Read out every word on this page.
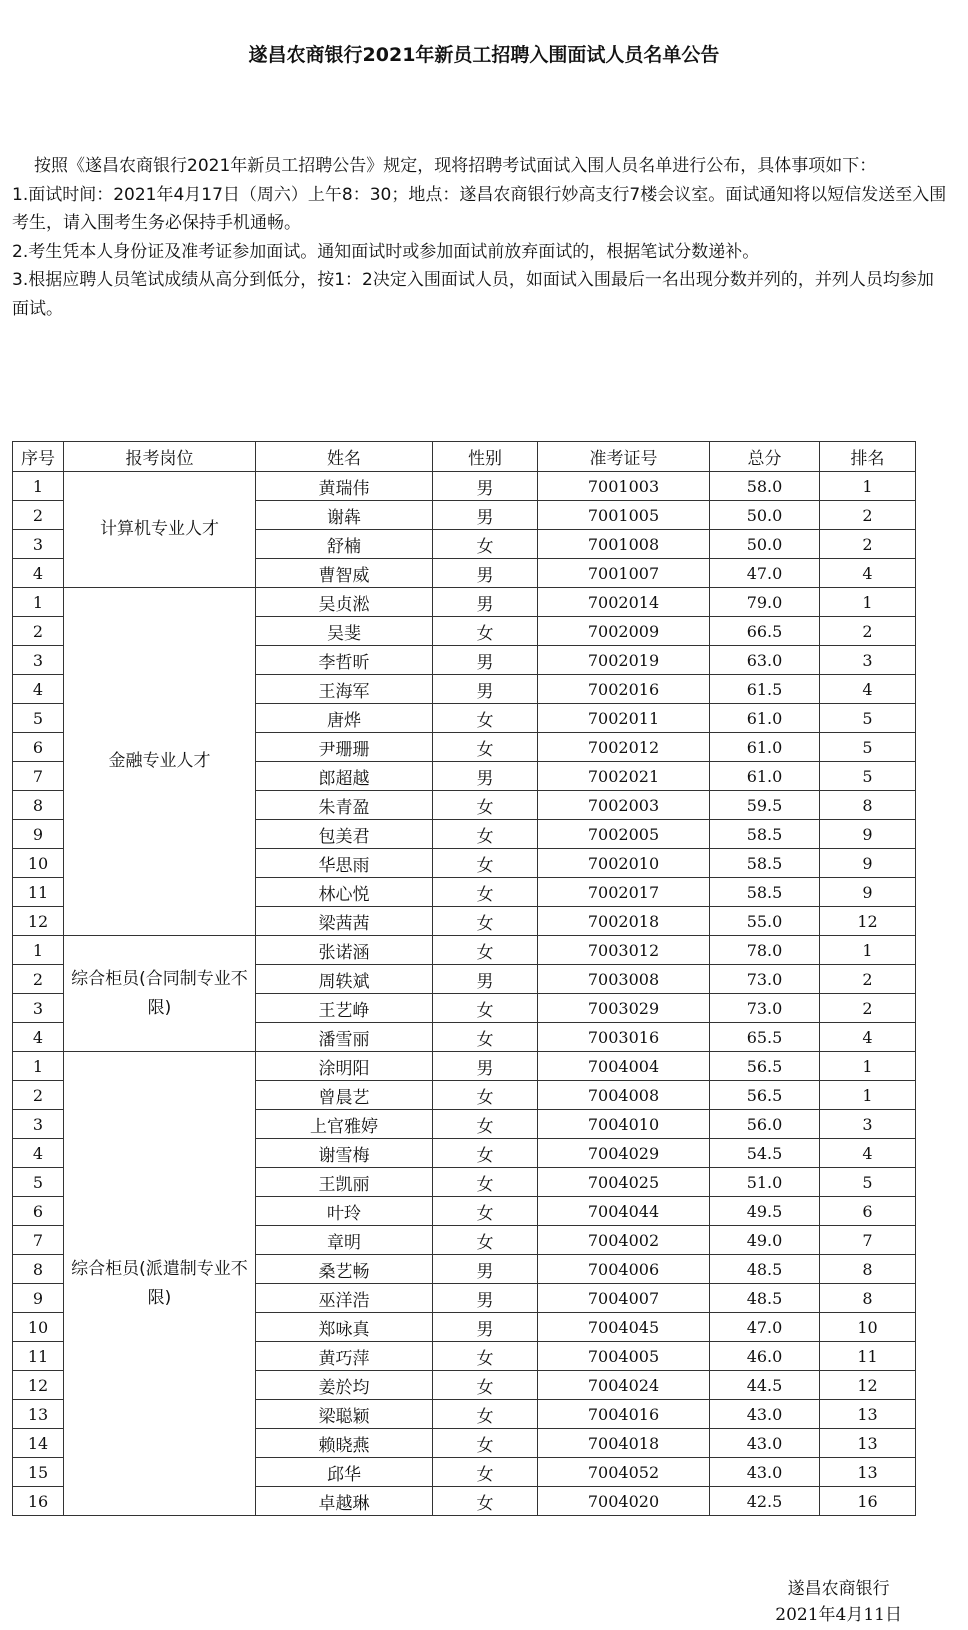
遂昌农商银行2021年新员工招聘入围面试人员名单公告

按照《遂昌农商银行2021年新员工招聘公告》规定，现将招聘考试面试入围人员名单进行公布，具体事项如下：

1.面试时间：2021年4月17日（周六）上午8：30；地点：遂昌农商银行妙高支行7楼会议室。面试通知将以短信发送至入围考生，请入围考生务必保持手机通畅。

2.考生凭本人身份证及准考证参加面试。通知面试时或参加面试前放弃面试的，根据笔试分数递补。

3.根据应聘人员笔试成绩从高分到低分，按1：2决定入围面试人员，如面试入围最后一名出现分数并列的，并列人员均参加面试。

序号	报考岗位	姓名	性别	准考证号	总分	排名
1	计算机专业人才	黄瑞伟	男	7001003	58.0	1
2		谢犇	男	7001005	50.0	2
3		舒楠	女	7001008	50.0	2
4		曹智威	男	7001007	47.0	4
1	金融专业人才	吴贞淞	男	7002014	79.0	1
2		吴斐	女	7002009	66.5	2
3		李哲昕	男	7002019	63.0	3
4		王海军	男	7002016	61.5	4
5		唐烨	女	7002011	61.0	5
6		尹珊珊	女	7002012	61.0	5
7		郎超越	男	7002021	61.0	5
8		朱青盈	女	7002003	59.5	8
9		包美君	女	7002005	58.5	9
10		华思雨	女	7002010	58.5	9
11		林心悦	女	7002017	58.5	9
12		梁茜茜	女	7002018	55.0	12
1	综合柜员(合同制专业不限)	张诺涵	女	7003012	78.0	1
2		周轶斌	男	7003008	73.0	2
3		王艺峥	女	7003029	73.0	2
4		潘雪丽	女	7003016	65.5	4
1	综合柜员(派遣制专业不限)	涂明阳	男	7004004	56.5	1
2		曾晨艺	女	7004008	56.5	1
3		上官雅婷	女	7004010	56.0	3
4		谢雪梅	女	7004029	54.5	4
5		王凯丽	女	7004025	51.0	5
6		叶玲	女	7004044	49.5	6
7		章明	女	7004002	49.0	7
8		桑艺畅	男	7004006	48.5	8
9		巫洋浩	男	7004007	48.5	8
10		郑咏真	男	7004045	47.0	10
11		黄巧萍	女	7004005	46.0	11
12		姜於均	女	7004024	44.5	12
13		梁聪颖	女	7004016	43.0	13
14		赖晓燕	女	7004018	43.0	13
15		邱华	女	7004052	43.0	13
16		卓越琳	女	7004020	42.5	16
遂昌农商银行
2021年4月11日
